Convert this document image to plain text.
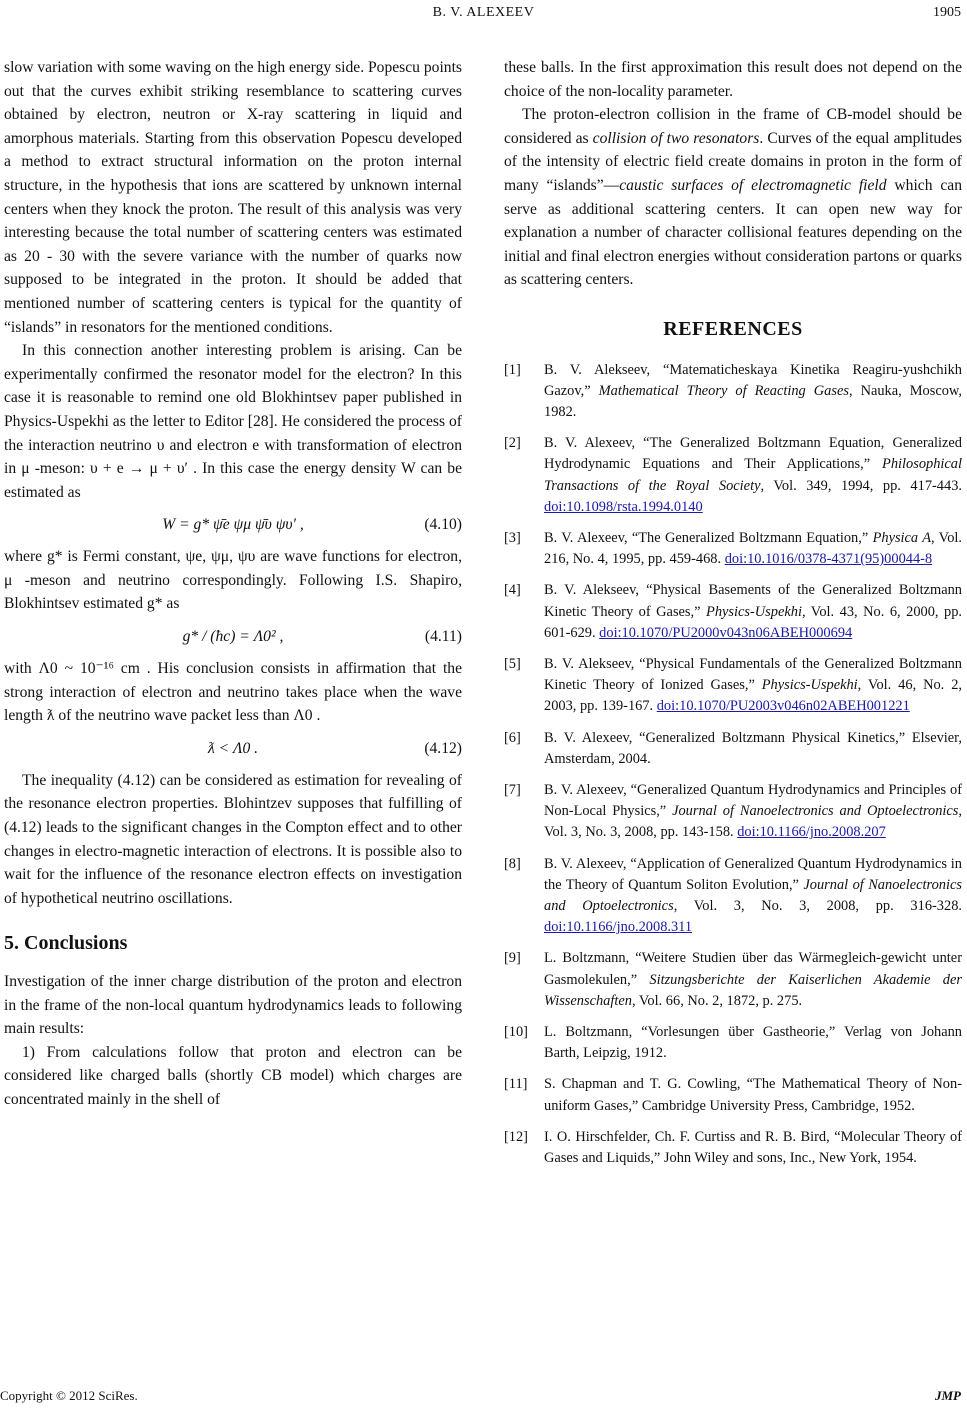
B. V. ALEXEEV	1905

slow variation with some waving on the high energy side. Popescu points out that the curves exhibit striking resemblance to scattering curves obtained by electron, neutron or X-ray scattering in liquid and amorphous materials. Starting from this observation Popescu developed a method to extract structural information on the proton internal structure, in the hypothesis that ions are scattered by unknown internal centers when they knock the proton. The result of this analysis was very interesting because the total number of scattering centers was estimated as 20 - 30 with the severe variance with the number of quarks now supposed to be integrated in the proton. It should be added that mentioned number of scattering centers is typical for the quantity of “islands” in resonators for the mentioned conditions.

In this connection another interesting problem is arising. Can be experimentally confirmed the resonator model for the electron? In this case it is reasonable to remind one old Blokhintsev paper published in Physics-Uspekhi as the letter to Editor [28]. He considered the process of the interaction neutrino υ and electron e with transformation of electron in μ -meson: υ + e → μ + υ′ . In this case the energy density W can be estimated as

W = g* ψ̄e ψμ ψ̄υ ψυ′ ,	(4.10)

where g* is Fermi constant, ψe, ψμ, ψυ are wave functions for electron, μ -meson and neutrino correspondingly. Following I.S. Shapiro, Blokhintsev estimated g* as

g* / (ħc) = Λ0² ,	(4.11)

with Λ0 ~ 10⁻¹⁶ cm . His conclusion consists in affirmation that the strong interaction of electron and neutrino takes place when the wave length ƛ of the neutrino wave packet less than Λ0 .

ƛ < Λ0 .	(4.12)

The inequality (4.12) can be considered as estimation for revealing of the resonance electron properties. Blohintzev supposes that fulfilling of (4.12) leads to the significant changes in the Compton effect and to other changes in electro-magnetic interaction of electrons. It is possible also to wait for the influence of the resonance electron effects on investigation of hypothetical neutrino oscillations.

5. Conclusions

Investigation of the inner charge distribution of the proton and electron in the frame of the non-local quantum hydrodynamics leads to following main results:

1) From calculations follow that proton and electron can be considered like charged balls (shortly CB model) which charges are concentrated mainly in the shell of

these balls. In the first approximation this result does not depend on the choice of the non-locality parameter.

The proton-electron collision in the frame of CB-model should be considered as collision of two resonators. Curves of the equal amplitudes of the intensity of electric field create domains in proton in the form of many “islands”—caustic surfaces of electromagnetic field which can serve as additional scattering centers. It can open new way for explanation a number of character collisional features depending on the initial and final electron energies without consideration partons or quarks as scattering centers.

REFERENCES
[1] B. V. Alekseev, “Matematicheskaya Kinetika Reagiru-yushchikh Gazov,” Mathematical Theory of Reacting Gases, Nauka, Moscow, 1982.
[2] B. V. Alexeev, “The Generalized Boltzmann Equation, Generalized Hydrodynamic Equations and Their Applications,” Philosophical Transactions of the Royal Society, Vol. 349, 1994, pp. 417-443. doi:10.1098/rsta.1994.0140
[3] B. V. Alexeev, “The Generalized Boltzmann Equation,” Physica A, Vol. 216, No. 4, 1995, pp. 459-468. doi:10.1016/0378-4371(95)00044-8
[4] B. V. Alekseev, “Physical Basements of the Generalized Boltzmann Kinetic Theory of Gases,” Physics-Uspekhi, Vol. 43, No. 6, 2000, pp. 601-629. doi:10.1070/PU2000v043n06ABEH000694
[5] B. V. Alekseev, “Physical Fundamentals of the Generalized Boltzmann Kinetic Theory of Ionized Gases,” Physics-Uspekhi, Vol. 46, No. 2, 2003, pp. 139-167. doi:10.1070/PU2003v046n02ABEH001221
[6] B. V. Alexeev, “Generalized Boltzmann Physical Kinetics,” Elsevier, Amsterdam, 2004.
[7] B. V. Alexeev, “Generalized Quantum Hydrodynamics and Principles of Non-Local Physics,” Journal of Nanoelectronics and Optoelectronics, Vol. 3, No. 3, 2008, pp. 143-158. doi:10.1166/jno.2008.207
[8] B. V. Alexeev, “Application of Generalized Quantum Hydrodynamics in the Theory of Quantum Soliton Evolution,” Journal of Nanoelectronics and Optoelectronics, Vol. 3, No. 3, 2008, pp. 316-328. doi:10.1166/jno.2008.311
[9] L. Boltzmann, “Weitere Studien über das Wärmegleich-gewicht unter Gasmolekulen,” Sitzungsberichte der Kaiserlichen Akademie der Wissenschaften, Vol. 66, No. 2, 1872, p. 275.
[10] L. Boltzmann, “Vorlesungen über Gastheorie,” Verlag von Johann Barth, Leipzig, 1912.
[11] S. Chapman and T. G. Cowling, “The Mathematical Theory of Non-uniform Gases,” Cambridge University Press, Cambridge, 1952.
[12] I. O. Hirschfelder, Ch. F. Curtiss and R. B. Bird, “Molecular Theory of Gases and Liquids,” John Wiley and sons, Inc., New York, 1954.
Copyright © 2012 SciRes.	JMP
